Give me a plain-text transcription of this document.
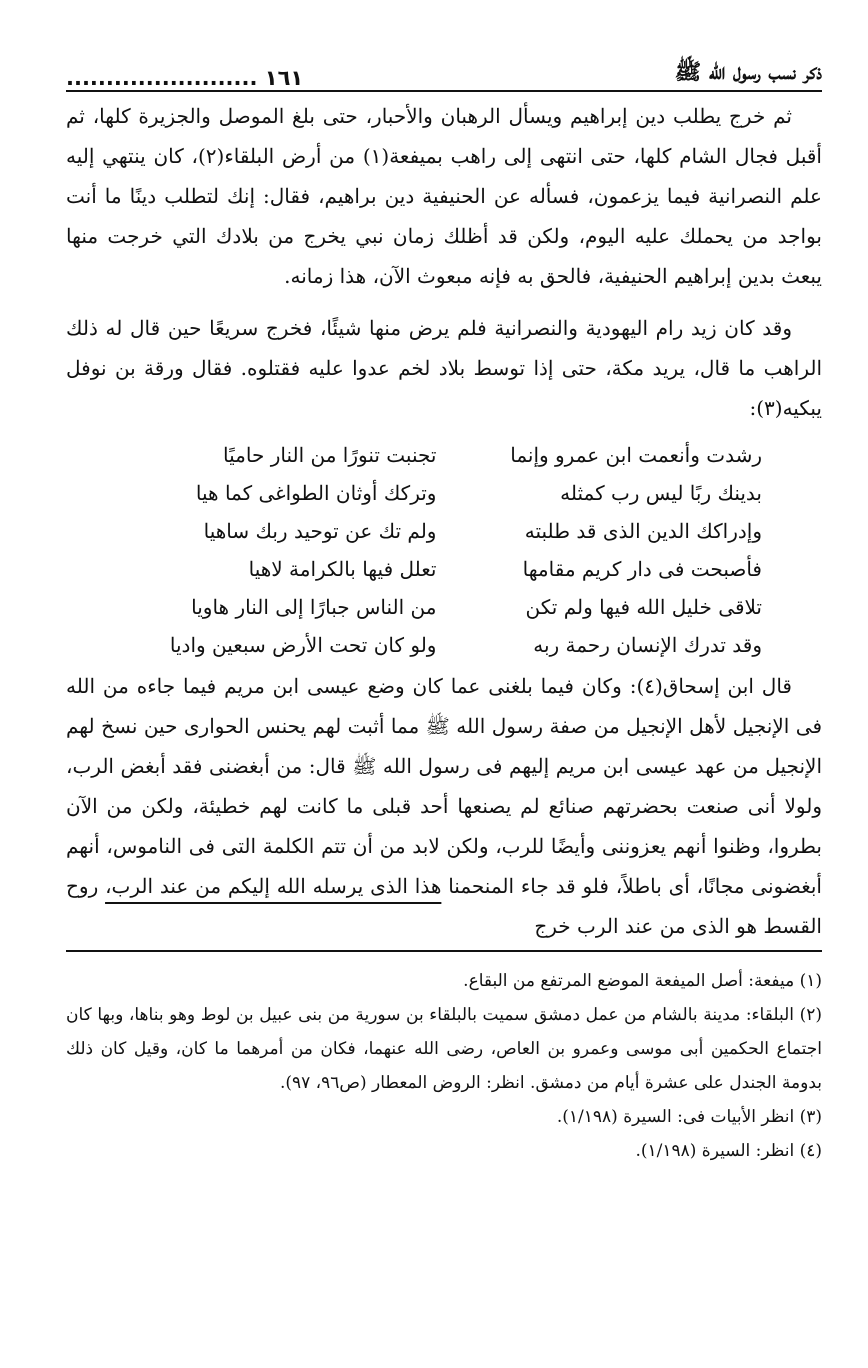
ذكر نسب رسول الله ﷺ
........................ ١٦١

ثم خرج يطلب دين إبراهيم ويسأل الرهبان والأحبار، حتى بلغ الموصل والجزيرة كلها، ثم أقبل فجال الشام كلها، حتى انتهى إلى راهب بميفعة(١) من أرض البلقاء(٢)، كان ينتهي إليه علم النصرانية فيما يزعمون، فسأله عن الحنيفية دين براهيم، فقال: إنك لتطلب دينًا ما أنت بواجد من يحملك عليه اليوم، ولكن قد أظلك زمان نبي يخرج من بلادك التي خرجت منها يبعث بدين إبراهيم الحنيفية، فالحق به فإنه مبعوث الآن، هذا زمانه.

وقد كان زيد رام اليهودية والنصرانية فلم يرض منها شيئًا، فخرج سريعًا حين قال له ذلك الراهب ما قال، يريد مكة، حتى إذا توسط بلاد لخم عدوا عليه فقتلوه. فقال ورقة بن نوفل يبكيه(٣):

رشدت وأنعمت ابن عمرو وإنما
تجنبت تنورًا من النار حاميًا
بدينك ربًا ليس رب كمثله
وتركك أوثان الطواغى كما هيا
وإدراكك الدين الذى قد طلبته
ولم تك عن توحيد ربك ساهيا
فأصبحت فى دار كريم مقامها
تعلل فيها بالكرامة لاهيا
تلاقى خليل الله فيها ولم تكن
من الناس جبارًا إلى النار هاويا
وقد تدرك الإنسان رحمة ربه
ولو كان تحت الأرض سبعين واديا

قال ابن إسحاق(٤): وكان فيما بلغنى عما كان وضع عيسى ابن مريم فيما جاءه من الله فى الإنجيل لأهل الإنجيل من صفة رسول الله ﷺ مما أثبت لهم يحنس الحوارى حين نسخ لهم الإنجيل من عهد عيسى ابن مريم إليهم فى رسول الله ﷺ قال: من أبغضنى فقد أبغض الرب، ولولا أنى صنعت بحضرتهم صنائع لم يصنعها أحد قبلى ما كانت لهم خطيئة، ولكن من الآن بطروا، وظنوا أنهم يعزوننى وأيضًا للرب، ولكن لابد من أن تتم الكلمة التى فى الناموس، أنهم أبغضونى مجانًا، أى باطلاً، فلو قد جاء المنحمنا هذا الذى يرسله الله إليكم من عند الرب، روح القسط هو الذى من عند الرب خرج

(١) ميفعة: أصل الميفعة الموضع المرتفع من البقاع.
(٢) البلقاء: مدينة بالشام من عمل دمشق سميت بالبلقاء بن سورية من بنى عبيل بن لوط وهو بناها، وبها كان اجتماع الحكمين أبى موسى وعمرو بن العاص، رضى الله عنهما، فكان من أمرهما ما كان، وقيل كان ذلك بدومة الجندل على عشرة أيام من دمشق. انظر: الروض المعطار (ص٩٦، ٩٧).
(٣) انظر الأبيات فى: السيرة (١/١٩٨).
(٤) انظر: السيرة (١/١٩٨).
